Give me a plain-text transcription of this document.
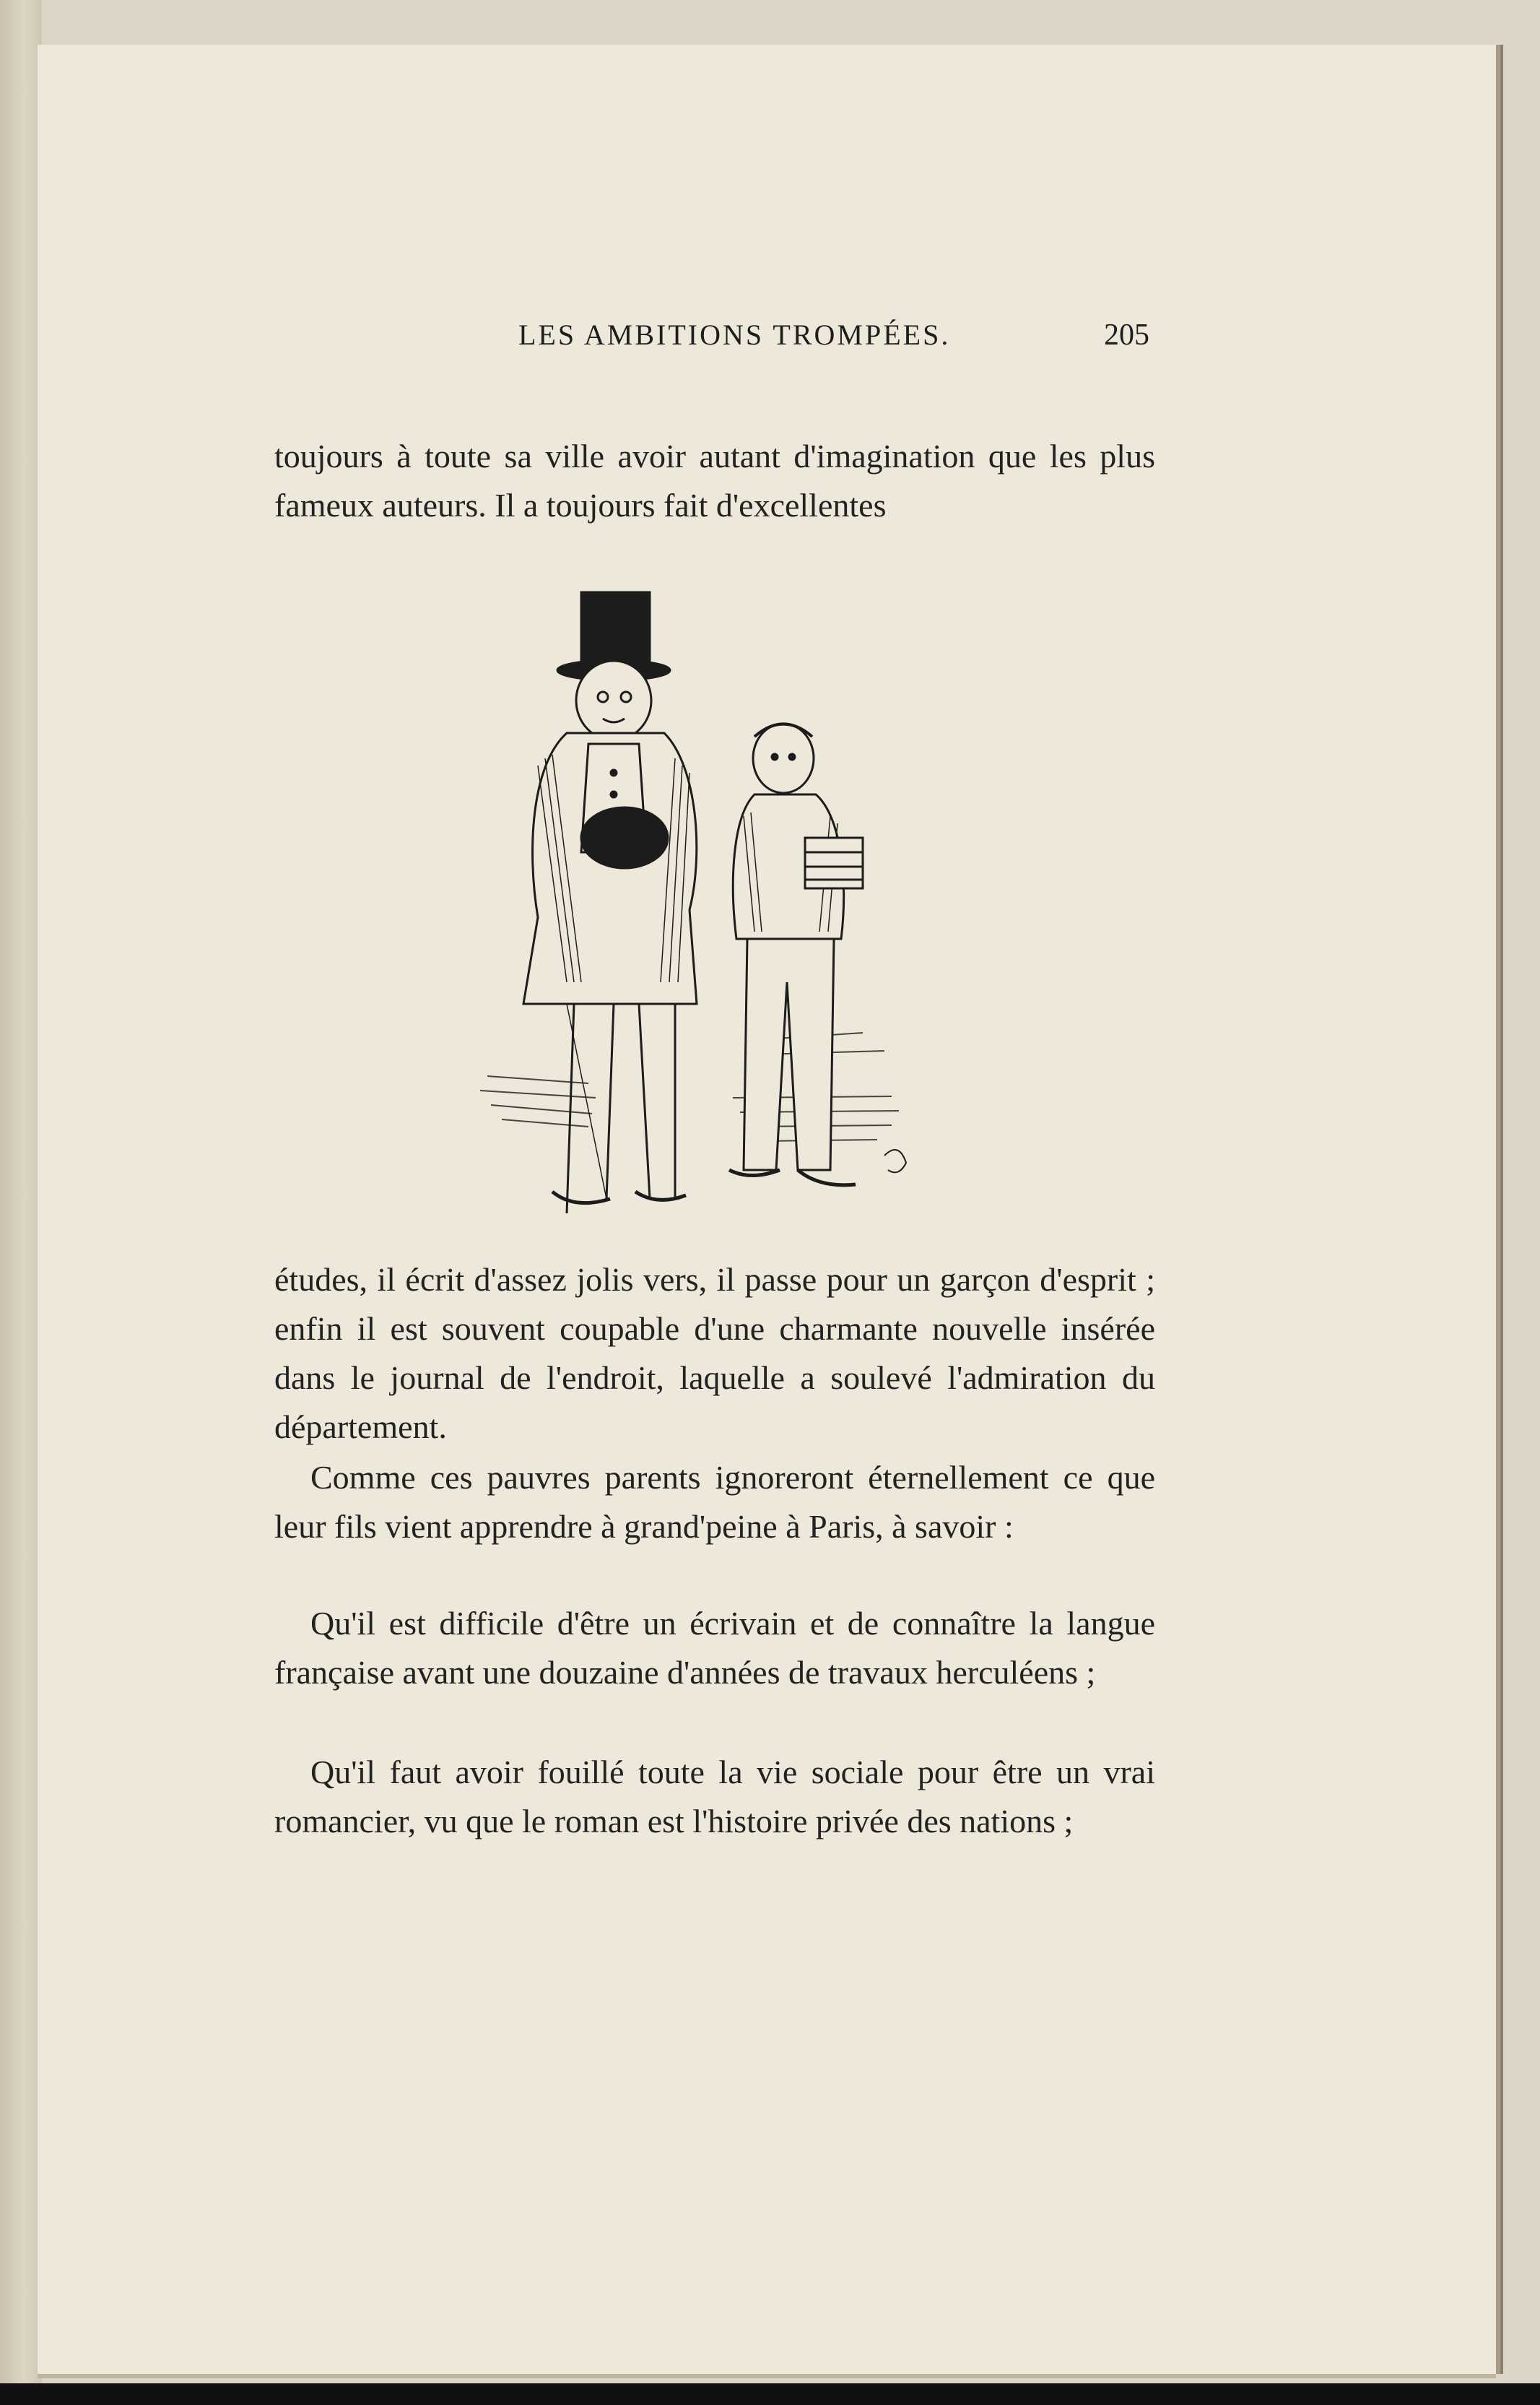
LES AMBITIONS TROMPÉES.	205

toujours à toute sa ville avoir autant d'imagination que les plus fameux auteurs. Il a toujours fait d'excellentes

études, il écrit d'assez jolis vers, il passe pour un garçon d'esprit ; enfin il est souvent coupable d'une charmante nouvelle insérée dans le journal de l'endroit, laquelle a soulevé l'admiration du département.

Comme ces pauvres parents ignoreront éternellement ce que leur fils vient apprendre à grand'peine à Paris, à savoir :

Qu'il est difficile d'être un écrivain et de connaître la langue française avant une douzaine d'années de travaux herculéens ;

Qu'il faut avoir fouillé toute la vie sociale pour être un vrai romancier, vu que le roman est l'histoire privée des nations ;
